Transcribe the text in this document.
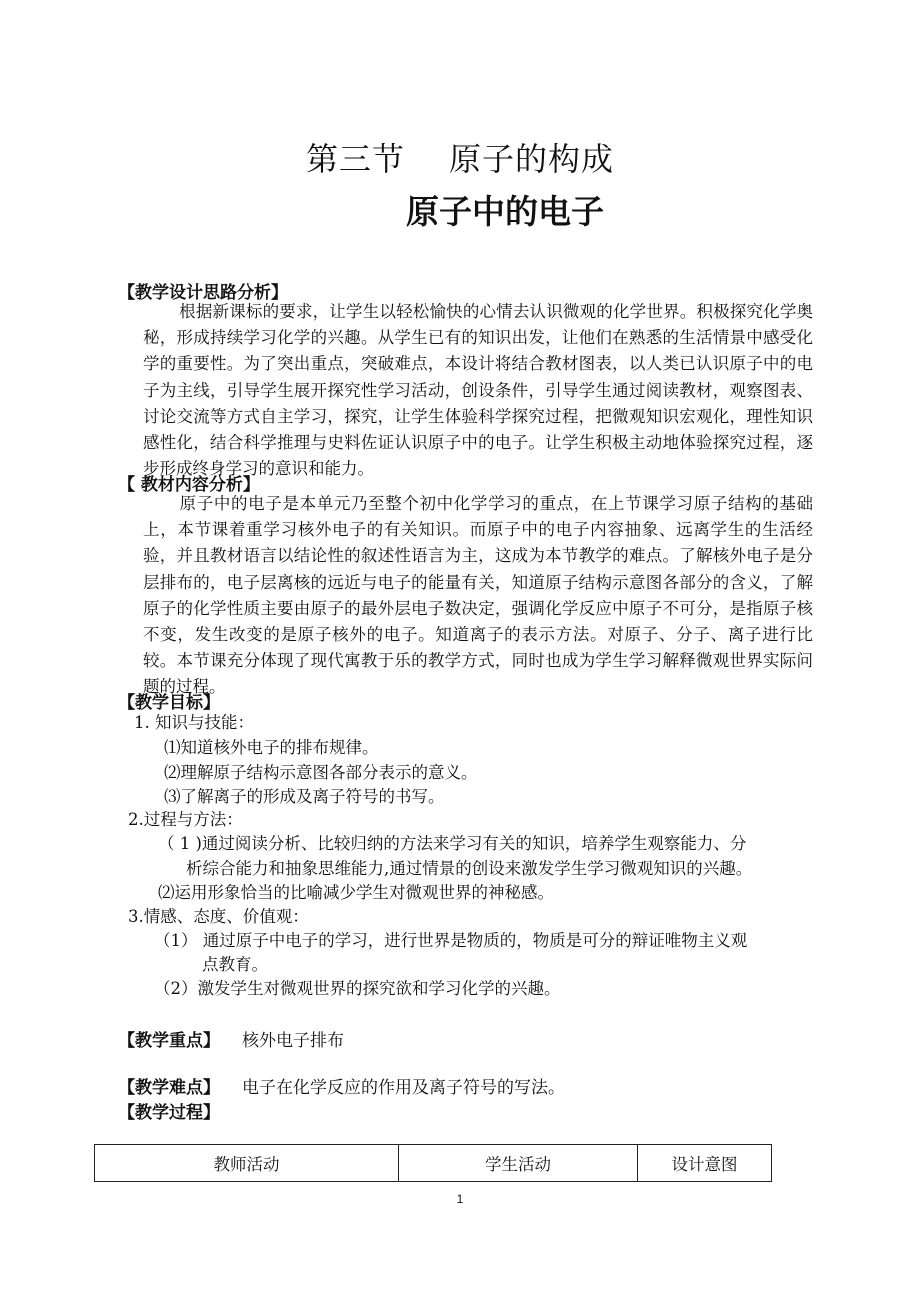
第三节 原子的构成
原子中的电子
【教学设计思路分析】
根据新课标的要求，让学生以轻松愉快的心情去认识微观的化学世界。积极探究化学奥秘，形成持续学习化学的兴趣。从学生已有的知识出发，让他们在熟悉的生活情景中感受化学的重要性。为了突出重点，突破难点，本设计将结合教材图表，以人类已认识原子中的电子为主线，引导学生展开探究性学习活动，创设条件，引导学生通过阅读教材，观察图表、讨论交流等方式自主学习，探究，让学生体验科学探究过程，把微观知识宏观化，理性知识感性化，结合科学推理与史料佐证认识原子中的电子。让学生积极主动地体验探究过程，逐步形成终身学习的意识和能力。
【 教材内容分析】
原子中的电子是本单元乃至整个初中化学学习的重点，在上节课学习原子结构的基础上，本节课着重学习核外电子的有关知识。而原子中的电子内容抽象、远离学生的生活经验，并且教材语言以结论性的叙述性语言为主，这成为本节教学的难点。了解核外电子是分层排布的，电子层离核的远近与电子的能量有关，知道原子结构示意图各部分的含义，了解原子的化学性质主要由原子的最外层电子数决定，强调化学反应中原子不可分，是指原子核不变，发生改变的是原子核外的电子。知道离子的表示方法。对原子、分子、离子进行比较。本节课充分体现了现代寓教于乐的教学方式，同时也成为学生学习解释微观世界实际问题的过程。
【教学目标】
1. 知识与技能：
⑴知道核外电子的排布规律。
⑵理解原子结构示意图各部分表示的意义。
⑶了解离子的形成及离子符号的书写。
2.过程与方法：
（ 1 )通过阅读分析、比较归纳的方法来学习有关的知识，培养学生观察能力、分
析综合能力和抽象思维能力,通过情景的创设来激发学生学习微观知识的兴趣。
⑵运用形象恰当的比喻减少学生对微观世界的神秘感。
3.情感、态度、价值观：
（1） 通过原子中电子的学习，进行世界是物质的，物质是可分的辩证唯物主义观
点教育。
（2）激发学生对微观世界的探究欲和学习化学的兴趣。
【教学重点】 核外电子排布
【教学难点】 电子在化学反应的作用及离子符号的写法。
【教学过程】
教师活动	学生活动	设计意图
1
